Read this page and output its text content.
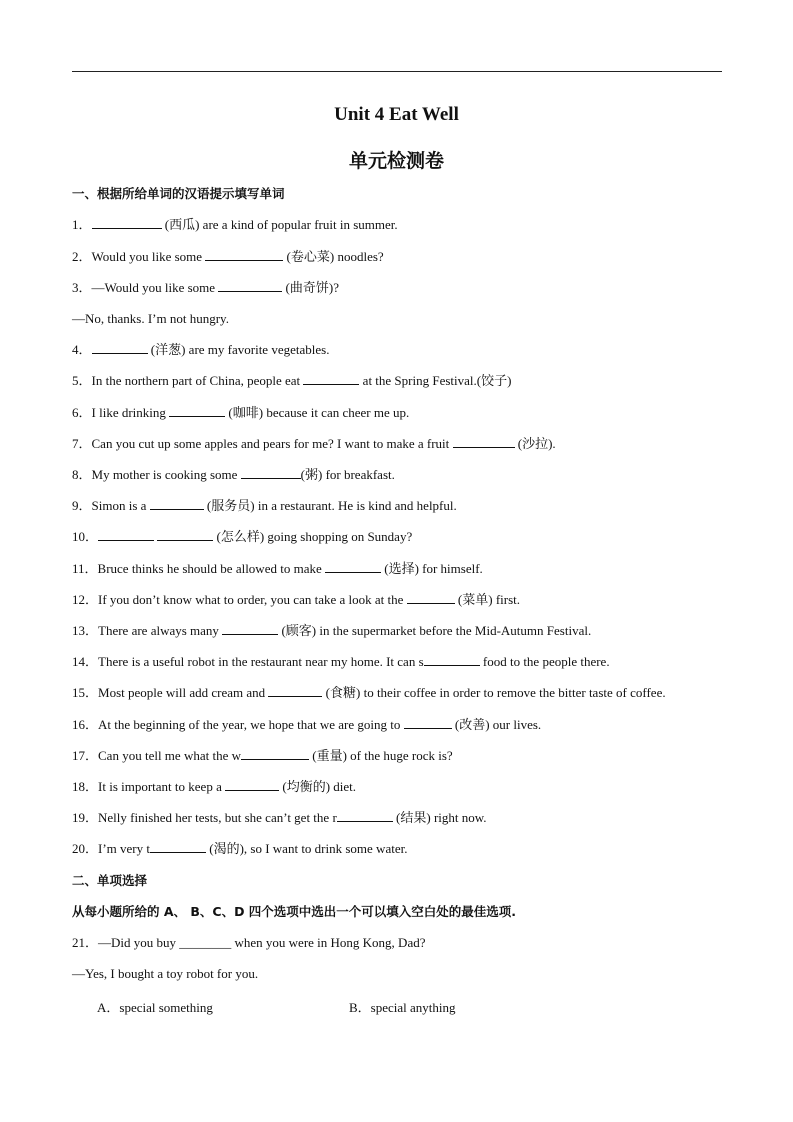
Unit 4 Eat Well
单元检测卷
一、根据所给单词的汉语提示填写单词
1．	(西瓜) are a kind of popular fruit in summer.
2．Would you like some	(卷心菜) noodles?
3．—Would you like some	(曲奇饼)?
—No, thanks. I’m not hungry.
4．	(洋葱) are my favorite vegetables.
5．In the northern part of China, people eat	at the Spring Festival.(饺子)
6．I like drinking	(咖啡) because it can cheer me up.
7．Can you cut up some apples and pears for me? I want to make a fruit	(沙拉).
8．My mother is cooking some	(粥) for breakfast.
9．Simon is a	(服务员) in a restaurant. He is kind and helpful.
10．	(怎么样) going shopping on Sunday?
11．Bruce thinks he should be allowed to make	(选择) for himself.
12．If you don’t know what to order, you can take a look at the	(菜单) first.
13．There are always many	(顾客) in the supermarket before the Mid-Autumn Festival.
14．There is a useful robot in the restaurant near my home. It can s	food to the people there.
15．Most people will add cream and	(食糖) to their coffee in order to remove the bitter taste of coffee.
16．At the beginning of the year, we hope that we are going to	(改善) our lives.
17．Can you tell me what the w	(重量) of the huge rock is?
18．It is important to keep a	(均衡的) diet.
19．Nelly finished her tests, but she can’t get the r	(结果) right now.
20．I’m very t	(渴的), so I want to drink some water.
二、单项选择
从每小题所给的 A、 B、C、D 四个选项中选出一个可以填入空白处的最佳选项.
21．—Did you buy ________ when you were in Hong Kong, Dad?
—Yes, I bought a toy robot for you.
A．special something	B．special anything
